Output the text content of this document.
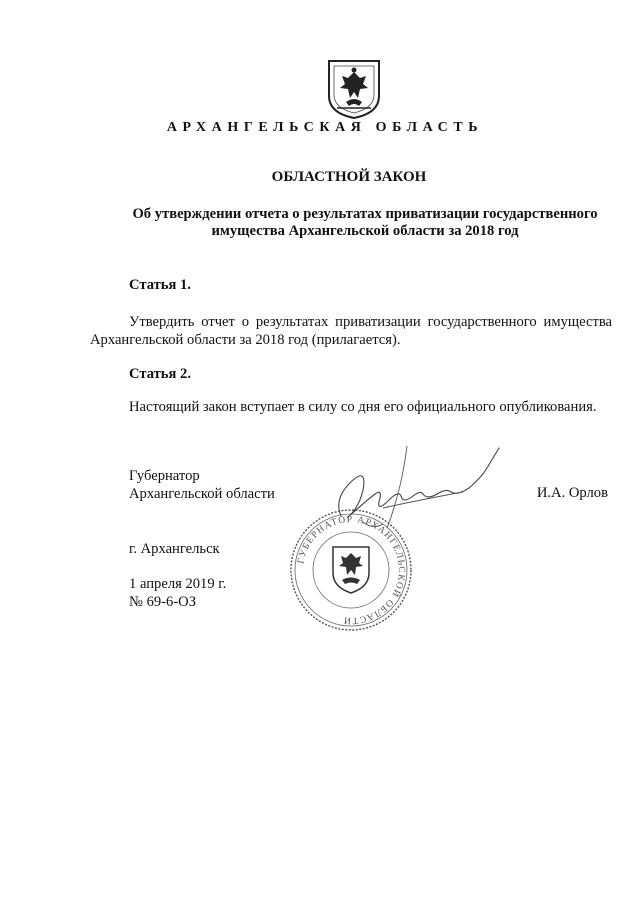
АРХАНГЕЛЬСКАЯ ОБЛАСТЬ
ОБЛАСТНОЙ ЗАКОН
Об утверждении отчета о результатах приватизации государственного
имущества Архангельской области за 2018 год
Статья 1.
Утвердить отчет о результатах приватизации государственного имущества Архангельской области за 2018 год (прилагается).
Статья 2.
Настоящий закон вступает в силу со дня его официального опубликования.
Губернатор
Архангельской области	И.А. Орлов
ГУБЕРНАТОР АРХАНГЕЛЬСКОЙ ОБЛАСТИ
г. Архангельск
1 апреля 2019 г.
№ 69-6-ОЗ
